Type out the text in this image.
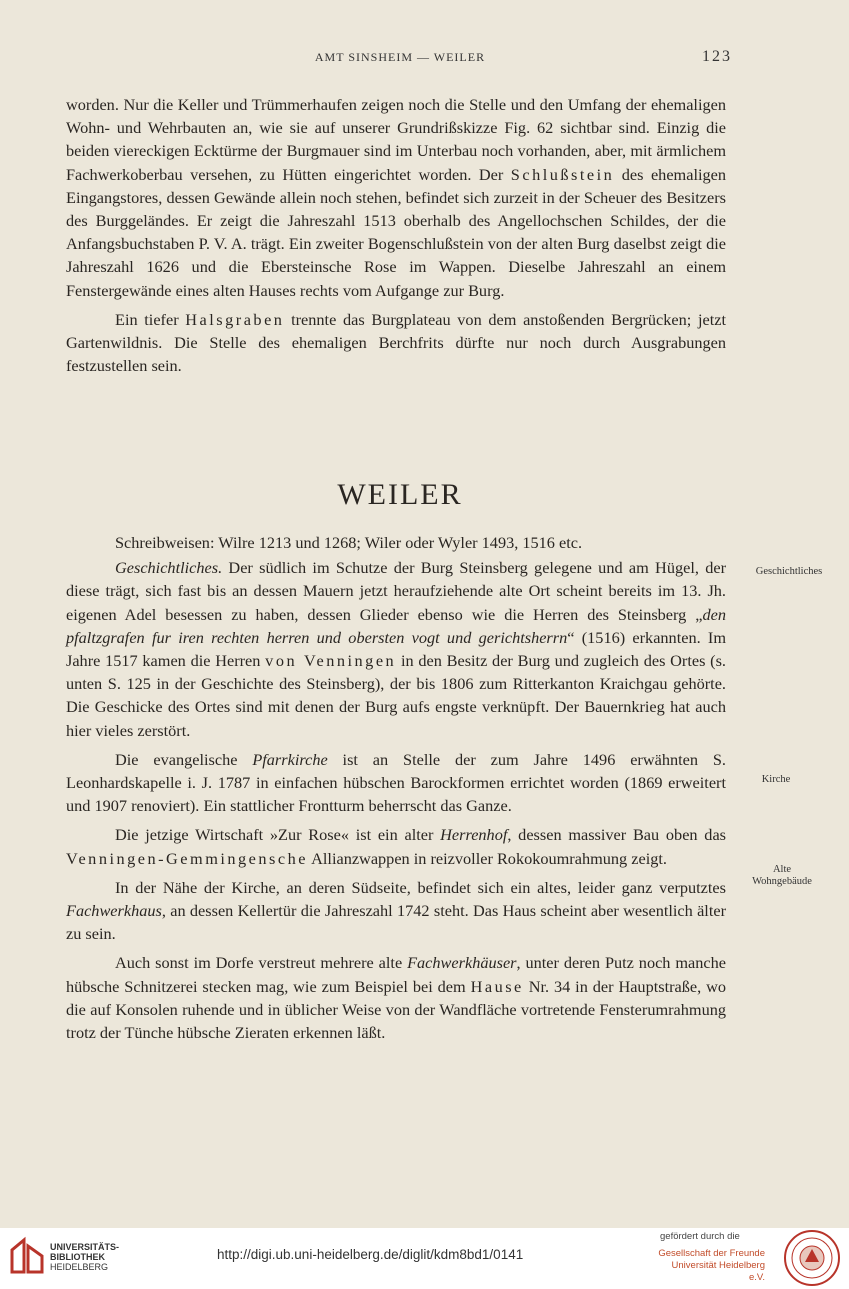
AMT SINSHEIM — WEILER	123

worden. Nur die Keller und Trümmerhaufen zeigen noch die Stelle und den Umfang der ehemaligen Wohn- und Wehrbauten an, wie sie auf unserer Grundrißskizze Fig. 62 sichtbar sind. Einzig die beiden viereckigen Ecktürme der Burgmauer sind im Unterbau noch vorhanden, aber, mit ärmlichem Fachwerkoberbau versehen, zu Hütten eingerichtet worden. Der Schlußstein des ehemaligen Eingangstores, dessen Gewände allein noch stehen, befindet sich zurzeit in der Scheuer des Besitzers des Burggeländes. Er zeigt die Jahreszahl 1513 oberhalb des Angellochschen Schildes, der die Anfangsbuchstaben P. V. A. trägt. Ein zweiter Bogenschlußstein von der alten Burg daselbst zeigt die Jahreszahl 1626 und die Ebersteinsche Rose im Wappen. Dieselbe Jahreszahl an einem Fenstergewände eines alten Hauses rechts vom Aufgange zur Burg.

Ein tiefer Halsgraben trennte das Burgplateau von dem anstoßenden Bergrücken; jetzt Gartenwildnis. Die Stelle des ehemaligen Berchfrits dürfte nur noch durch Ausgrabungen festzustellen sein.

WEILER

Schreibweisen: Wilre 1213 und 1268; Wiler oder Wyler 1493, 1516 etc.

Geschichtliches. Der südlich im Schutze der Burg Steinsberg gelegene und am Hügel, der diese trägt, sich fast bis an dessen Mauern jetzt heraufziehende alte Ort scheint bereits im 13. Jh. eigenen Adel besessen zu haben, dessen Glieder ebenso wie die Herren des Steinsberg „den pfaltzgrafen fur iren rechten herren und obersten vogt und gerichtsherrn“ (1516) erkannten. Im Jahre 1517 kamen die Herren von Venningen in den Besitz der Burg und zugleich des Ortes (s. unten S. 125 in der Geschichte des Steinsberg), der bis 1806 zum Ritterkanton Kraichgau gehörte. Die Geschicke des Ortes sind mit denen der Burg aufs engste verknüpft. Der Bauernkrieg hat auch hier vieles zerstört.

Die evangelische Pfarrkirche ist an Stelle der zum Jahre 1496 erwähnten S. Leonhardskapelle i. J. 1787 in einfachen hübschen Barockformen errichtet worden (1869 erweitert und 1907 renoviert). Ein stattlicher Frontturm beherrscht das Ganze.

Die jetzige Wirtschaft »Zur Rose« ist ein alter Herrenhof, dessen massiver Bau oben das Venningen-Gemmingensche Allianzwappen in reizvoller Rokokoumrahmung zeigt.

In der Nähe der Kirche, an deren Südseite, befindet sich ein altes, leider ganz verputztes Fachwerkhaus, an dessen Kellertür die Jahreszahl 1742 steht. Das Haus scheint aber wesentlich älter zu sein.

Auch sonst im Dorfe verstreut mehrere alte Fachwerkhäuser, unter deren Putz noch manche hübsche Schnitzerei stecken mag, wie zum Beispiel bei dem Hause Nr. 34 in der Hauptstraße, wo die auf Konsolen ruhende und in üblicher Weise von der Wandfläche vortretende Fensterumrahmung trotz der Tünche hübsche Zieraten erkennen läßt.

Geschichtliches
Kirche
Alte
Wohngebäude
UNIVERSITÄTS-
BIBLIOTHEK
HEIDELBERG
http://digi.ub.uni-heidelberg.de/diglit/kdm8bd1/0141
gefördert durch die
Gesellschaft der Freunde
Universität Heidelberg e.V.
